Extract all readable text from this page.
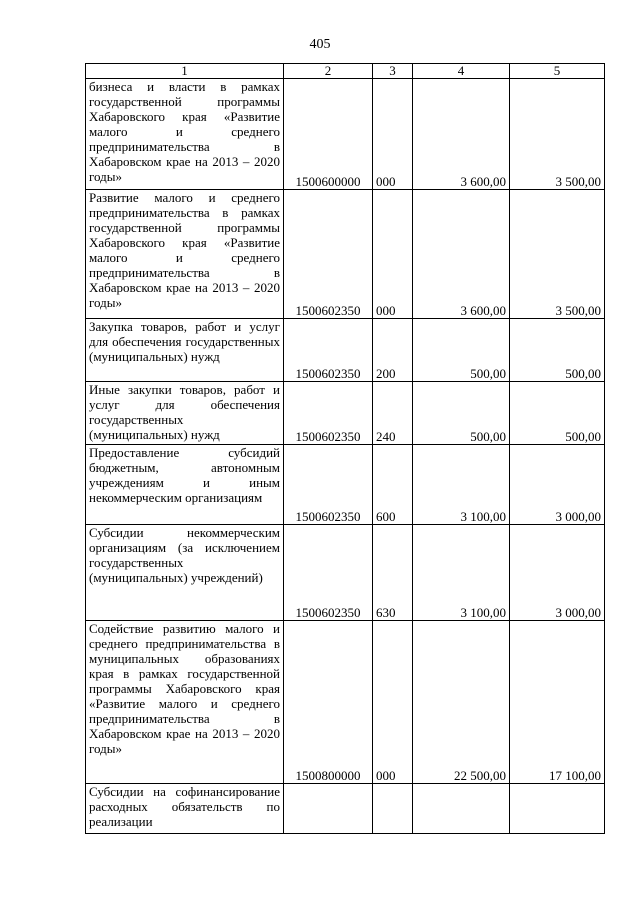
405
1	2	3	4	5
бизнеса и власти в рамках государственной программы Хабаровского края «Развитие малого и среднего предпринимательства в Хабаровском крае на 2013 – 2020 годы»	1500600000	000	3 600,00	3 500,00
Развитие малого и среднего предпринимательства в рамках государственной программы Хабаровского края «Развитие малого и среднего предпринимательства в Хабаровском крае на 2013 – 2020 годы»	1500602350	000	3 600,00	3 500,00
Закупка товаров, работ и услуг для обеспечения государственных (муниципальных) нужд	1500602350	200	500,00	500,00
Иные закупки товаров, работ и услуг для обеспечения государственных (муниципальных) нужд	1500602350	240	500,00	500,00
Предоставление субсидий бюджетным, автономным учреждениям и иным некоммерческим организациям	1500602350	600	3 100,00	3 000,00
Субсидии некоммерческим организациям (за исключением государственных (муниципальных) учреждений)	1500602350	630	3 100,00	3 000,00
Содействие развитию малого и среднего предпринимательства в муниципальных образованиях края в рамках государственной программы Хабаровского края «Развитие малого и среднего предпринимательства в Хабаровском крае на 2013 – 2020 годы»	1500800000	000	22 500,00	17 100,00
Субсидии на софинансирование расходных обязательств по реализации				
